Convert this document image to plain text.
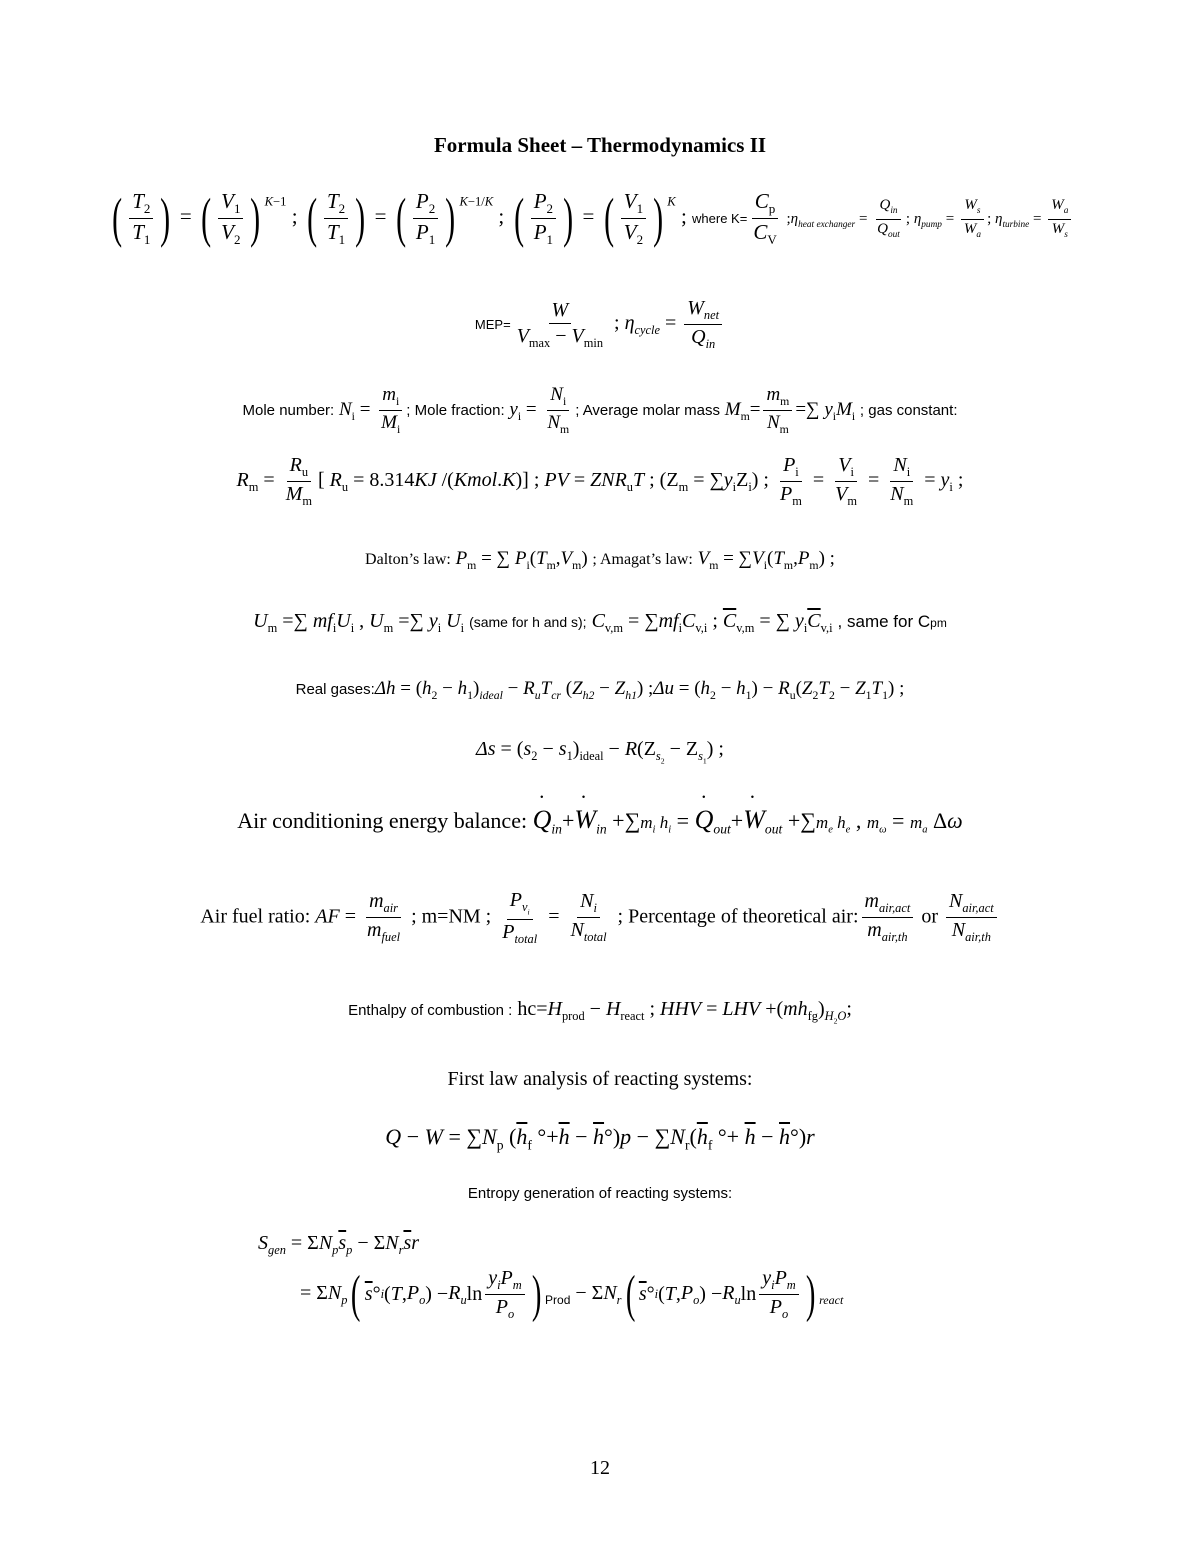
Formula Sheet – Thermodynamics II
( $\frac{T_2}{T_1}$ ) = ( $\frac{V_1}{V_2}$ ) $^{K-1}$ ; ( $\frac{T_2}{T_1}$ ) = ( $\frac{P_2}{P_1}$ ) $^{K-1/K}$ ; ( $\frac{P_2}{P_1}$ ) = ( $\frac{V_1}{V_2}$ ) $^K$ ; where $K= \frac{C_p}{C_V}$ $;\eta_{heat exchanger} = \frac{Q_{in}}{Q_{out}}$ ; $\eta_{pump} = \frac{W_s}{W_a}$ ; $\eta_{turbine} = \frac{W_a}{W_s}$
$MEP= \frac{W}{V_{max} - V_{min}}$ ; $\eta_{cycle} = \frac{W_{net}}{Q_{in}}$
Mole number: $N_i = \frac{m_i}{M_i}$ ; Mole fraction: $y_i = \frac{N_i}{N_m}$ ; Average molar mass $M_m= \frac{m_m}{N_m}$ =∑ $y_iM_i$ ; gas constant:
$R_m = \frac{R_u}{M_m}$ [ $R_u = 8.314KJ$ /(Kmol.K)] ; PV = $ZNR_uT$ ; $(Z_m = \sum y_iZ_i)$ ; $\frac{P_i}{P_m} = \frac{V_i}{V_m} = \frac{N_i}{N_m} = y_i$ ;
Dalton’s law: $P_m$ = ∑ $P_i(T_m,V_m)$ ; Amagat’s law: $V_m = \sum V_i(T_m,P_m)$ ;
$U_m$ =∑ $mf_iU_i$ , $U_m$ =∑ $y_i$ $U_i$ (same for h and s); $C_{v,m} = \sum mf_iC_{v,i}$ ; $\overline{C}_{v,m}$ = ∑ $y_i\overline{C}_{v,i}$ , same for Cpm
Real gases:Δh = $(h_2 - h_1)_{ideal} - R_uT_{cr}$ $(Z_{h2} - Z_{h1})$ ;Δu = $(h_2 - h_1) - R_u(Z_2T_2 - Z_1T_1)$ ;
$\Delta s = (s_2 - s_1)_{ideal} - R(Z_{s_2} - Z_{s_1})$ ;
Air conditioning energy balance: · $Q_{in}+\cdot W_{in} +\sum m_i$ $h_i$ = · $Q_{out}+\cdot W_{out} +\sum m_e$ $h_e$ , $m_\omega = m_a$ Δω
Air fuel ratio: AF = $\frac{m_{air}}{m_{fuel}}$ ; m=NM ; $\frac{P_{v_i}}{P_{total}} = \frac{N_i}{N_{total}}$ ; Percentage of theoretical air: $\frac{m_{air,act}}{m_{air,th}}$ or $\frac{N_{air,act}}{N_{air,th}}$
Enthalpy of combustion : $hc=H_{prod} - H_{react}$ ; HHV = LHV $+(mh_{fg})_{H_2O}$;
First law analysis of reacting systems:
$Q - W = \sum N_p$ ($\overline{h}_f$ $^\circ+\overline{h} - \overline{h}^\circ)p - \sum N_r(\overline{h}_f$ °+ $\overline{h} - \overline{h}^\circ)r$
Entropy generation of reacting systems:
$S_{gen} = \Sigma N_p\overline{s}_p - \Sigma N_r\overline{s}r$
= $\Sigma N_p$ ( $\overline{s}$ ° i ( T , $P_o$ ) − $R_u$ $\ln \frac{y_iP_m}{P_o}$ ) $_{Prod} - \Sigma N_r$ ( $\overline{s}$ ° i ( T , $P_o$ ) − $R_u$ $\ln \frac{y_iP_m}{P_o}$ ) $_{react}$
12
